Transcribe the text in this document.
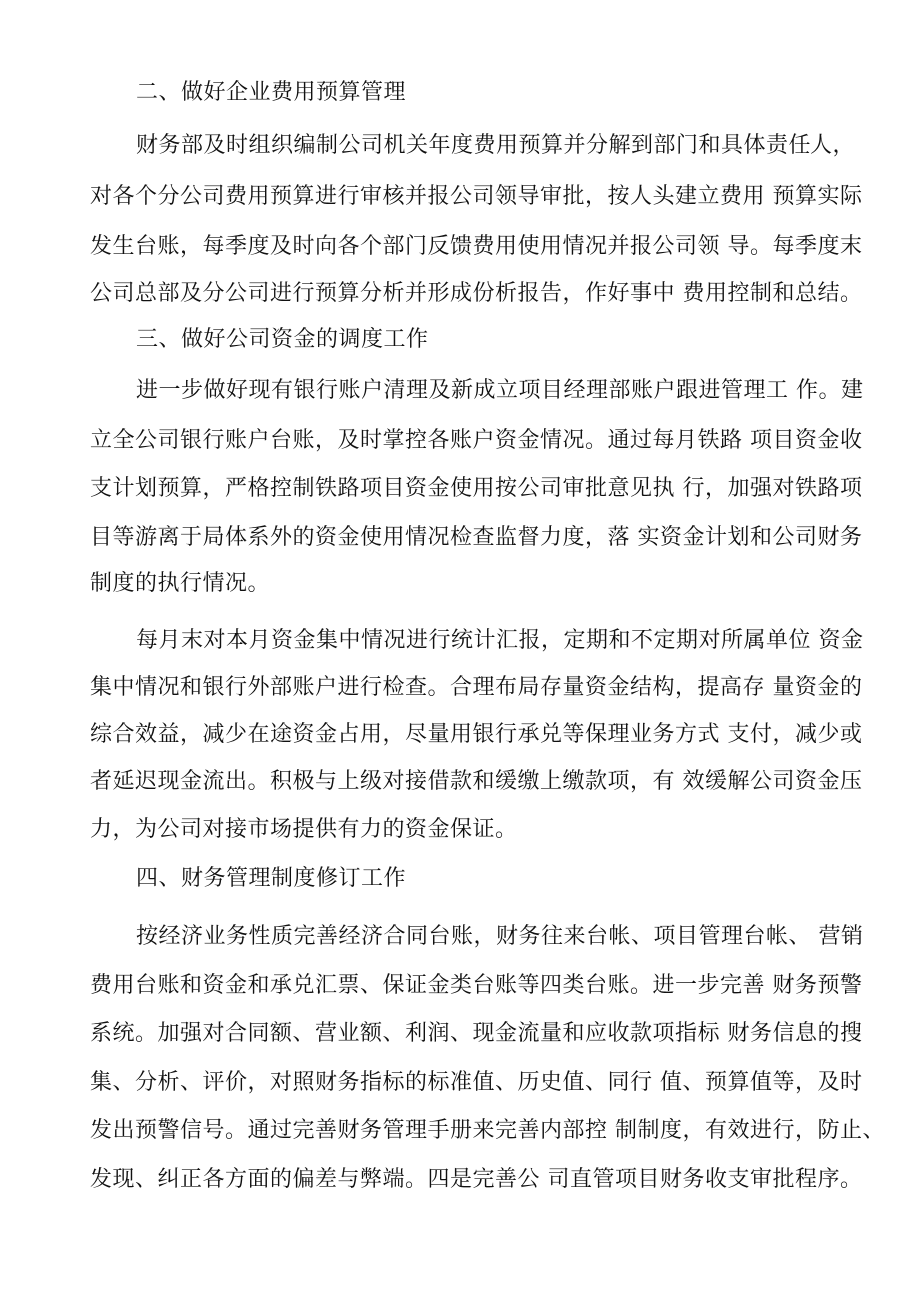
二、做好企业费用预算管理
财务部及时组织编制公司机关年度费用预算并分解到部门和具体责任
人，
对各个分公司费用预算进行审核并报公司领导审批，按人头建立费用 预算实际
发生台账，每季度及时向各个部门反馈费用使用情况并报公司领 导。每季度末
公司总部及分公司进行预算分析并形成份析报告，作好事中 费用控制和总结。
三、做好公司资金的调度工作
进一步做好现有银行账户清理及新成立项目经理部账户跟进管理工 作。建
立全公司银行账户台账，及时掌控各账户资金情况。通过每月铁路 项目资金收
支计划预算，严格控制铁路项目资金使用按公司审批意见执 行，加强对铁路项
目等游离于局体系外的资金使用情况检查监督力度，落 实资金计划和公司财务
制度的执行情况。
每月末对本月资金集中情况进行统计汇报，定期和不定期对所属单位 资金
集中情况和银行外部账户进行检查。合理布局存量资金结构，提高存 量资金的
综合效益，减少在途资金占用，尽量用银行承兑等保理业务方式 支付，减少或
者延迟现金流出。积极与上级对接借款和缓缴上缴款项，有 效缓解公司资金压
力，为公司对接市场提供有力的资金保证。
四、财务管理制度修订工作
按经济业务性质完善经济合同台账，财务往来台帐、项目管理台帐、 营销
费用台账和资金和承兑汇票、保证金类台账等四类台账。进一步完善 财务预警
系统。加强对合同额、营业额、利润、现金流量和应收款项指标 财务信息的搜
集、分析、评价，对照财务指标的标准值、历史值、同行 值、预算值等，及时
发出预警信号。通过完善财务管理手册来完善内部控 制制度，有效进行，防止、
发现、纠正各方面的偏差与弊端。四是完善公 司直管项目财务收支审批程序。
